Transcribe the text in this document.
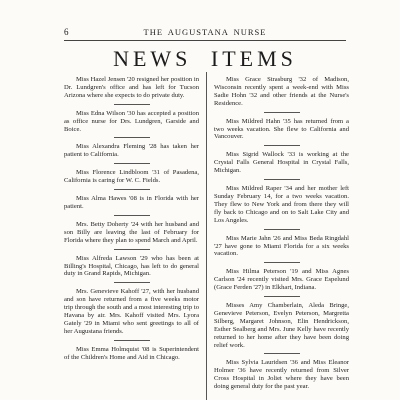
6	THE AUGUSTANA NURSE
NEWS ITEMS

Miss Hazel Jensen '20 resigned her position in Dr. Lundgren's office and has left for Tucson Arizona where she expects to do private duty.

Miss Edna Wilson '30 has accepted a position as office nurse for Drs. Lundgren, Garside and Boice.

Miss Alexandra Fleming '28 has taken her patient to California.

Miss Florence Lindbloom '31 of Pasadena, California is caring for W. C. Fields.

Miss Alma Hawes '08 is in Florida with her patient.

Mrs. Betty Doherty '24 with her husband and son Billy are leaving the last of February for Florida where they plan to spend March and April.

Miss Alfreda Lawson '29 who has been at Billing's Hospital, Chicago, has left to do general duty in Grand Rapids, Michigan.

Mrs. Genevieve Kahoff '27, with her husband and son have returned from a five weeks motor trip through the south and a most interesting trip to Havana by air. Mrs. Kahoff visited Mrs. Lyora Gately '29 in Miami who sent greetings to all of her Augustana friends.

Miss Emma Holmquist '08 is Superintendent of the Children's Home and Aid in Chicago.

Miss Grace Strasburg '32 of Madison, Wisconsin recently spent a week-end with Miss Sadie Hohn '32 and other friends at the Nurse's Residence.

Miss Mildred Hahn '35 has returned from a two weeks vacation. She flew to California and Vancouver.

Miss Sigrid Wallock '33 is working at the Crystal Falls General Hospital in Crystal Falls, Michigan.

Miss Mildred Raper '34 and her mother left Sunday February 14, for a two weeks vacation. They flew to New York and from there they will fly back to Chicago and on to Salt Lake City and Los Angeles.

Miss Marie Jahn '26 and Miss Beda Ringdahl '27 have gone to Miami Florida for a six weeks vacation.

Miss Hilma Peterson '19 and Miss Agnes Carlson '24 recently visited Mrs. Grace Espelund (Grace Ferden '27) in Elkhart, Indiana.

Misses Amy Chamberlain, Aleda Bringe, Genevieve Peterson, Evelyn Peterson, Margretta Silberg, Margaret Johnson, Elin Hendrickson, Esther Sealberg and Mrs. June Kelly have recently returned to her home after they have been doing relief work.

Miss Sylvia Lauridsen '36 and Miss Eleanor Holmer '36 have recently returned from Silver Cross Hospital in Joliet where they have been doing general duty for the past year.
